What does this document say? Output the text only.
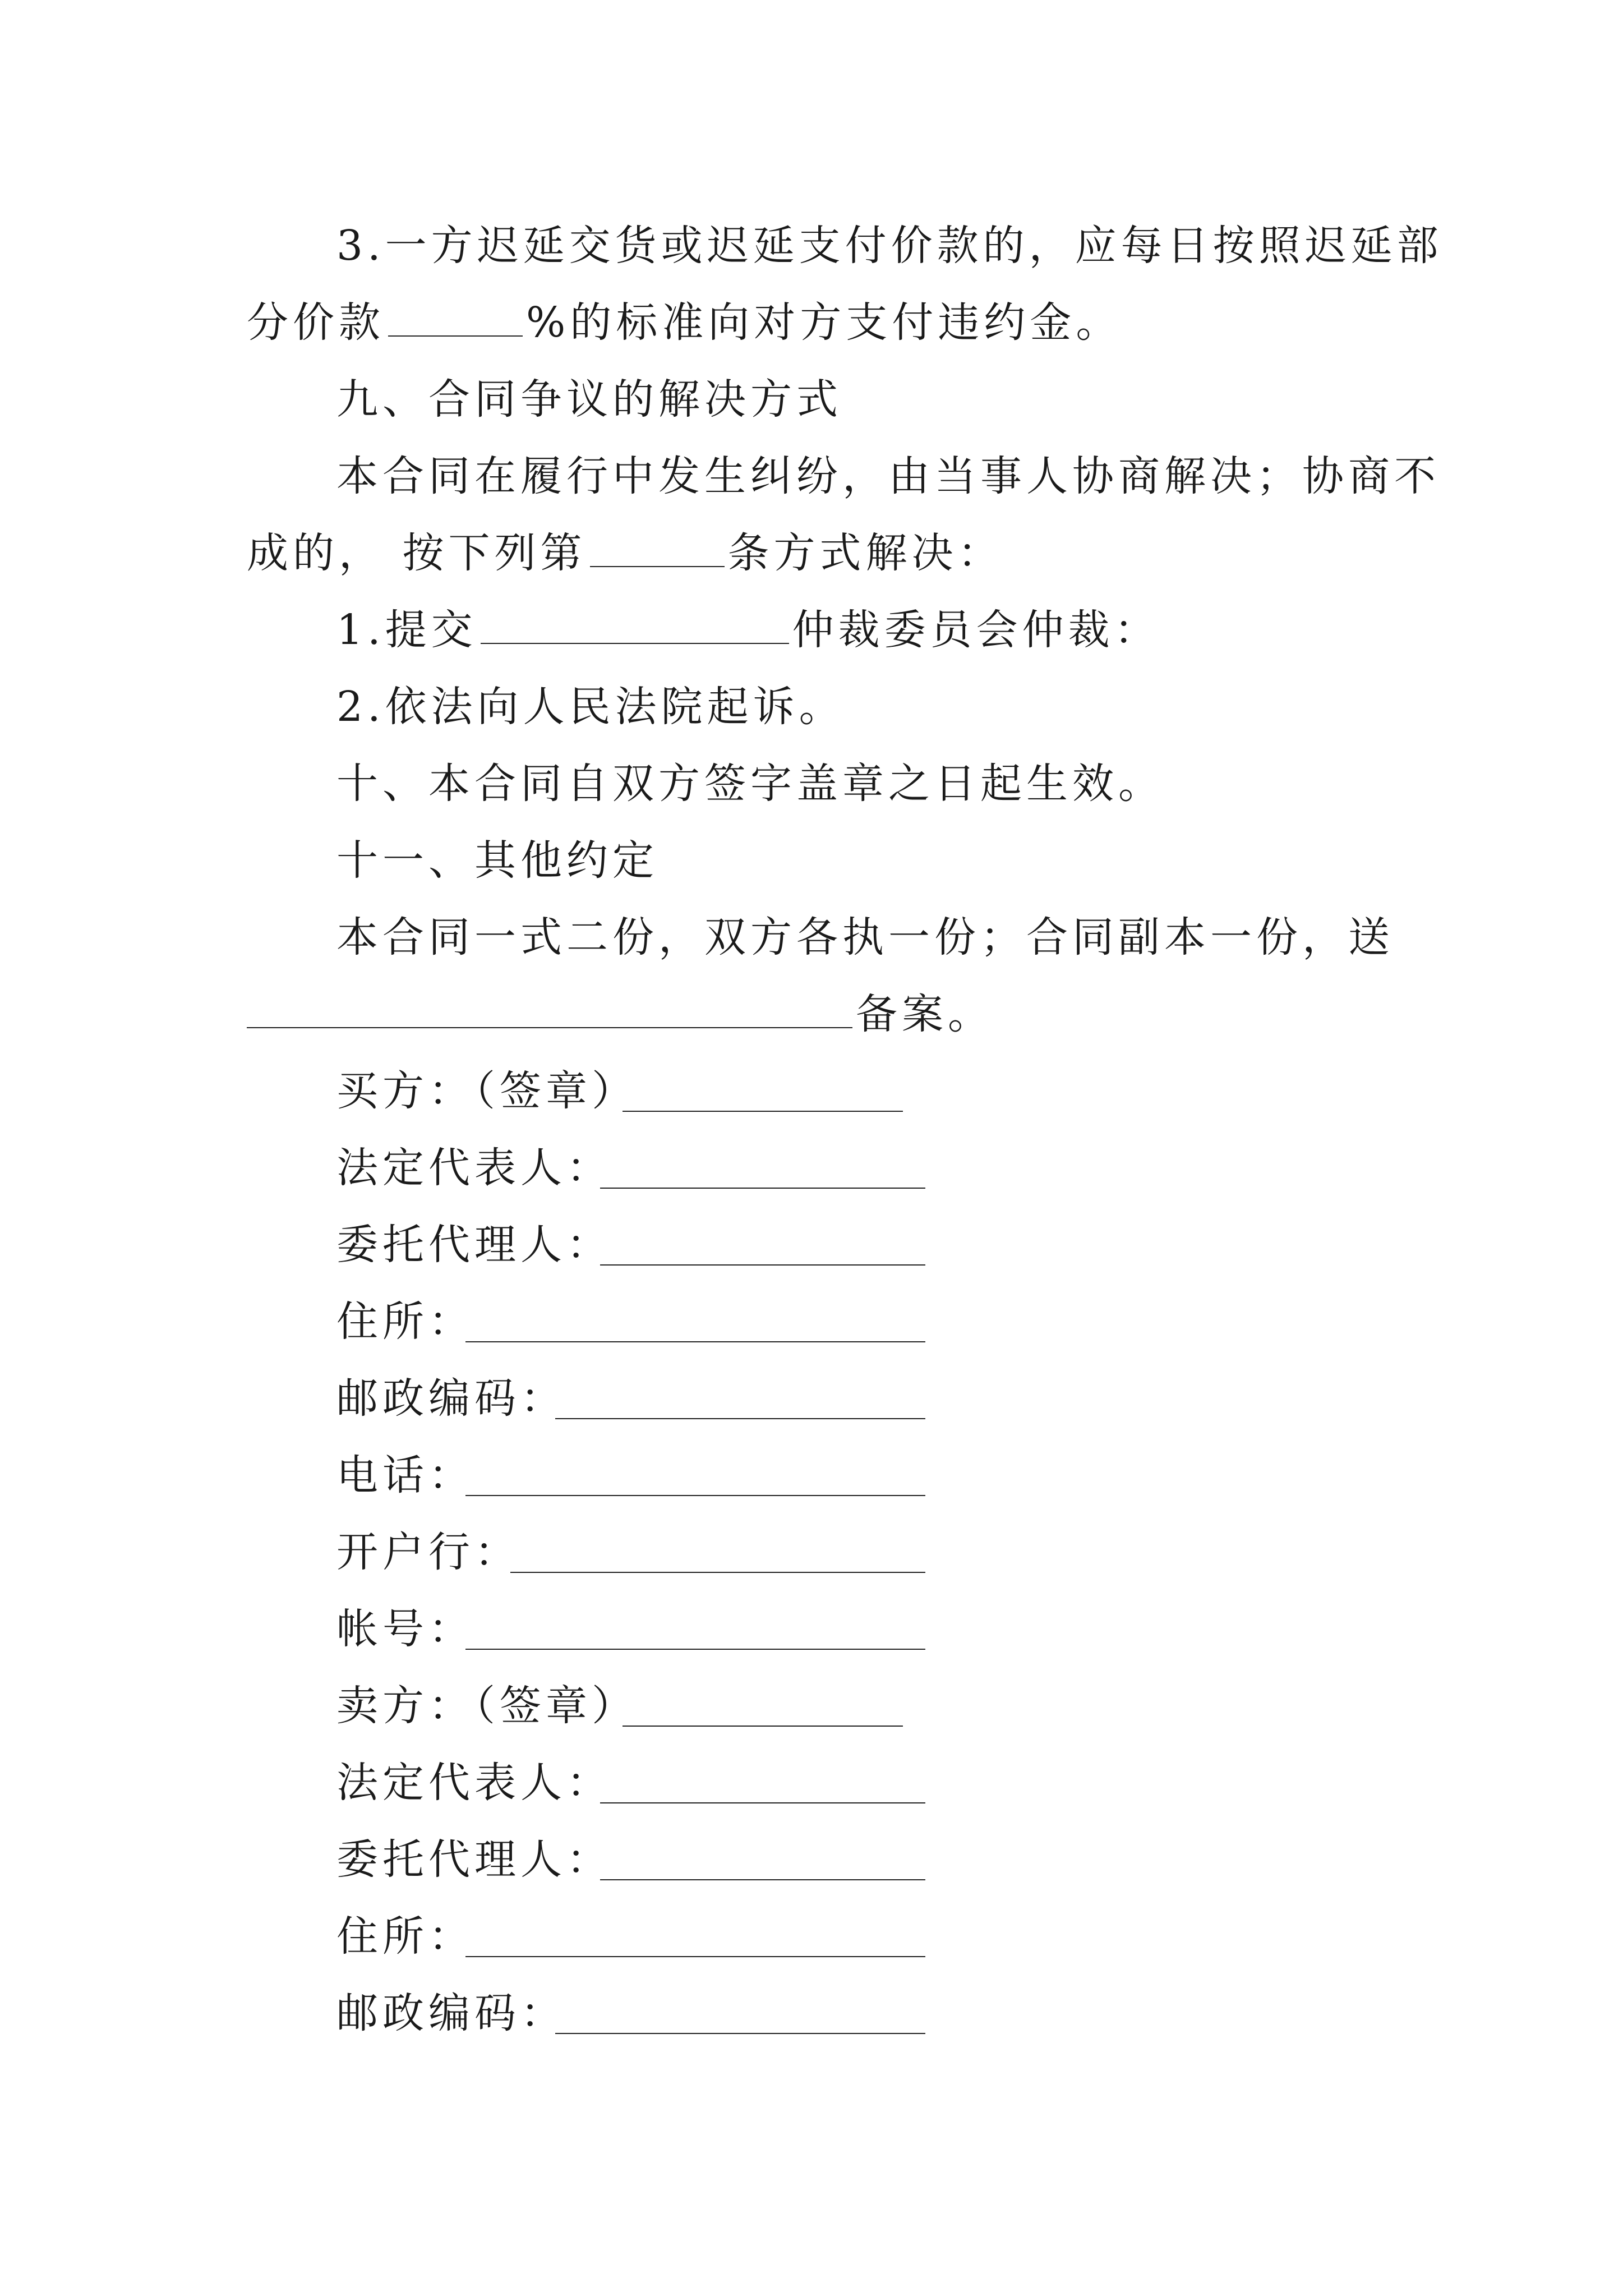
3.一方迟延交货或迟延支付价款的，应每日按照迟延部
分价款	%的标准向对方支付违约金。
九、合同争议的解决方式
本合同在履行中发生纠纷，由当事人协商解决；协商不
成的， 按下列第	条方式解决：
1.提交	仲裁委员会仲裁：
2.依法向人民法院起诉。
十、本合同自双方签字盖章之日起生效。
十一、其他约定
本合同一式二份，双方各执一份；合同副本一份，送
备案。
买方：（签章）
法定代表人：
委托代理人：
住所：
邮政编码：
电话：
开户行：
帐号：
卖方：（签章）
法定代表人：
委托代理人：
住所：
邮政编码：
